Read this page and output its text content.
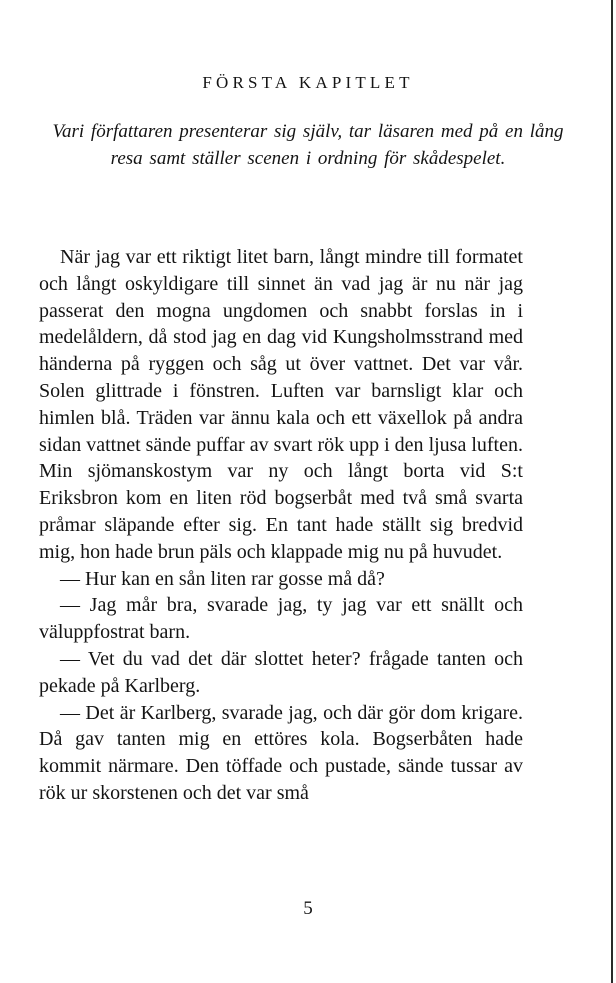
FÖRSTA KAPITLET
Vari författaren presenterar sig själv, tar läsaren med på en lång resa samt ställer scenen i ordning för skådespelet.

När jag var ett riktigt litet barn, långt mindre till formatet och långt oskyldigare till sinnet än vad jag är nu när jag passerat den mogna ungdomen och snabbt forslas in i medelåldern, då stod jag en dag vid Kungsholmsstrand med händerna på ryggen och såg ut över vattnet. Det var vår. Solen glittrade i fönstren. Luften var barnsligt klar och himlen blå. Träden var ännu kala och ett växellok på andra sidan vattnet sände puffar av svart rök upp i den ljusa luften. Min sjömanskostym var ny och långt borta vid S:t Eriksbron kom en liten röd bogserbåt med två små svarta pråmar släpande efter sig. En tant hade ställt sig bredvid mig, hon hade brun päls och klappade mig nu på huvudet.

— Hur kan en sån liten rar gosse må då?

— Jag mår bra, svarade jag, ty jag var ett snällt och väluppfostrat barn.

— Vet du vad det där slottet heter? frågade tanten och pekade på Karlberg.

— Det är Karlberg, svarade jag, och där gör dom krigare. Då gav tanten mig en ettöres kola. Bogserbåten hade kommit närmare. Den töffade och pustade, sände tussar av rök ur skorstenen och det var små

5
